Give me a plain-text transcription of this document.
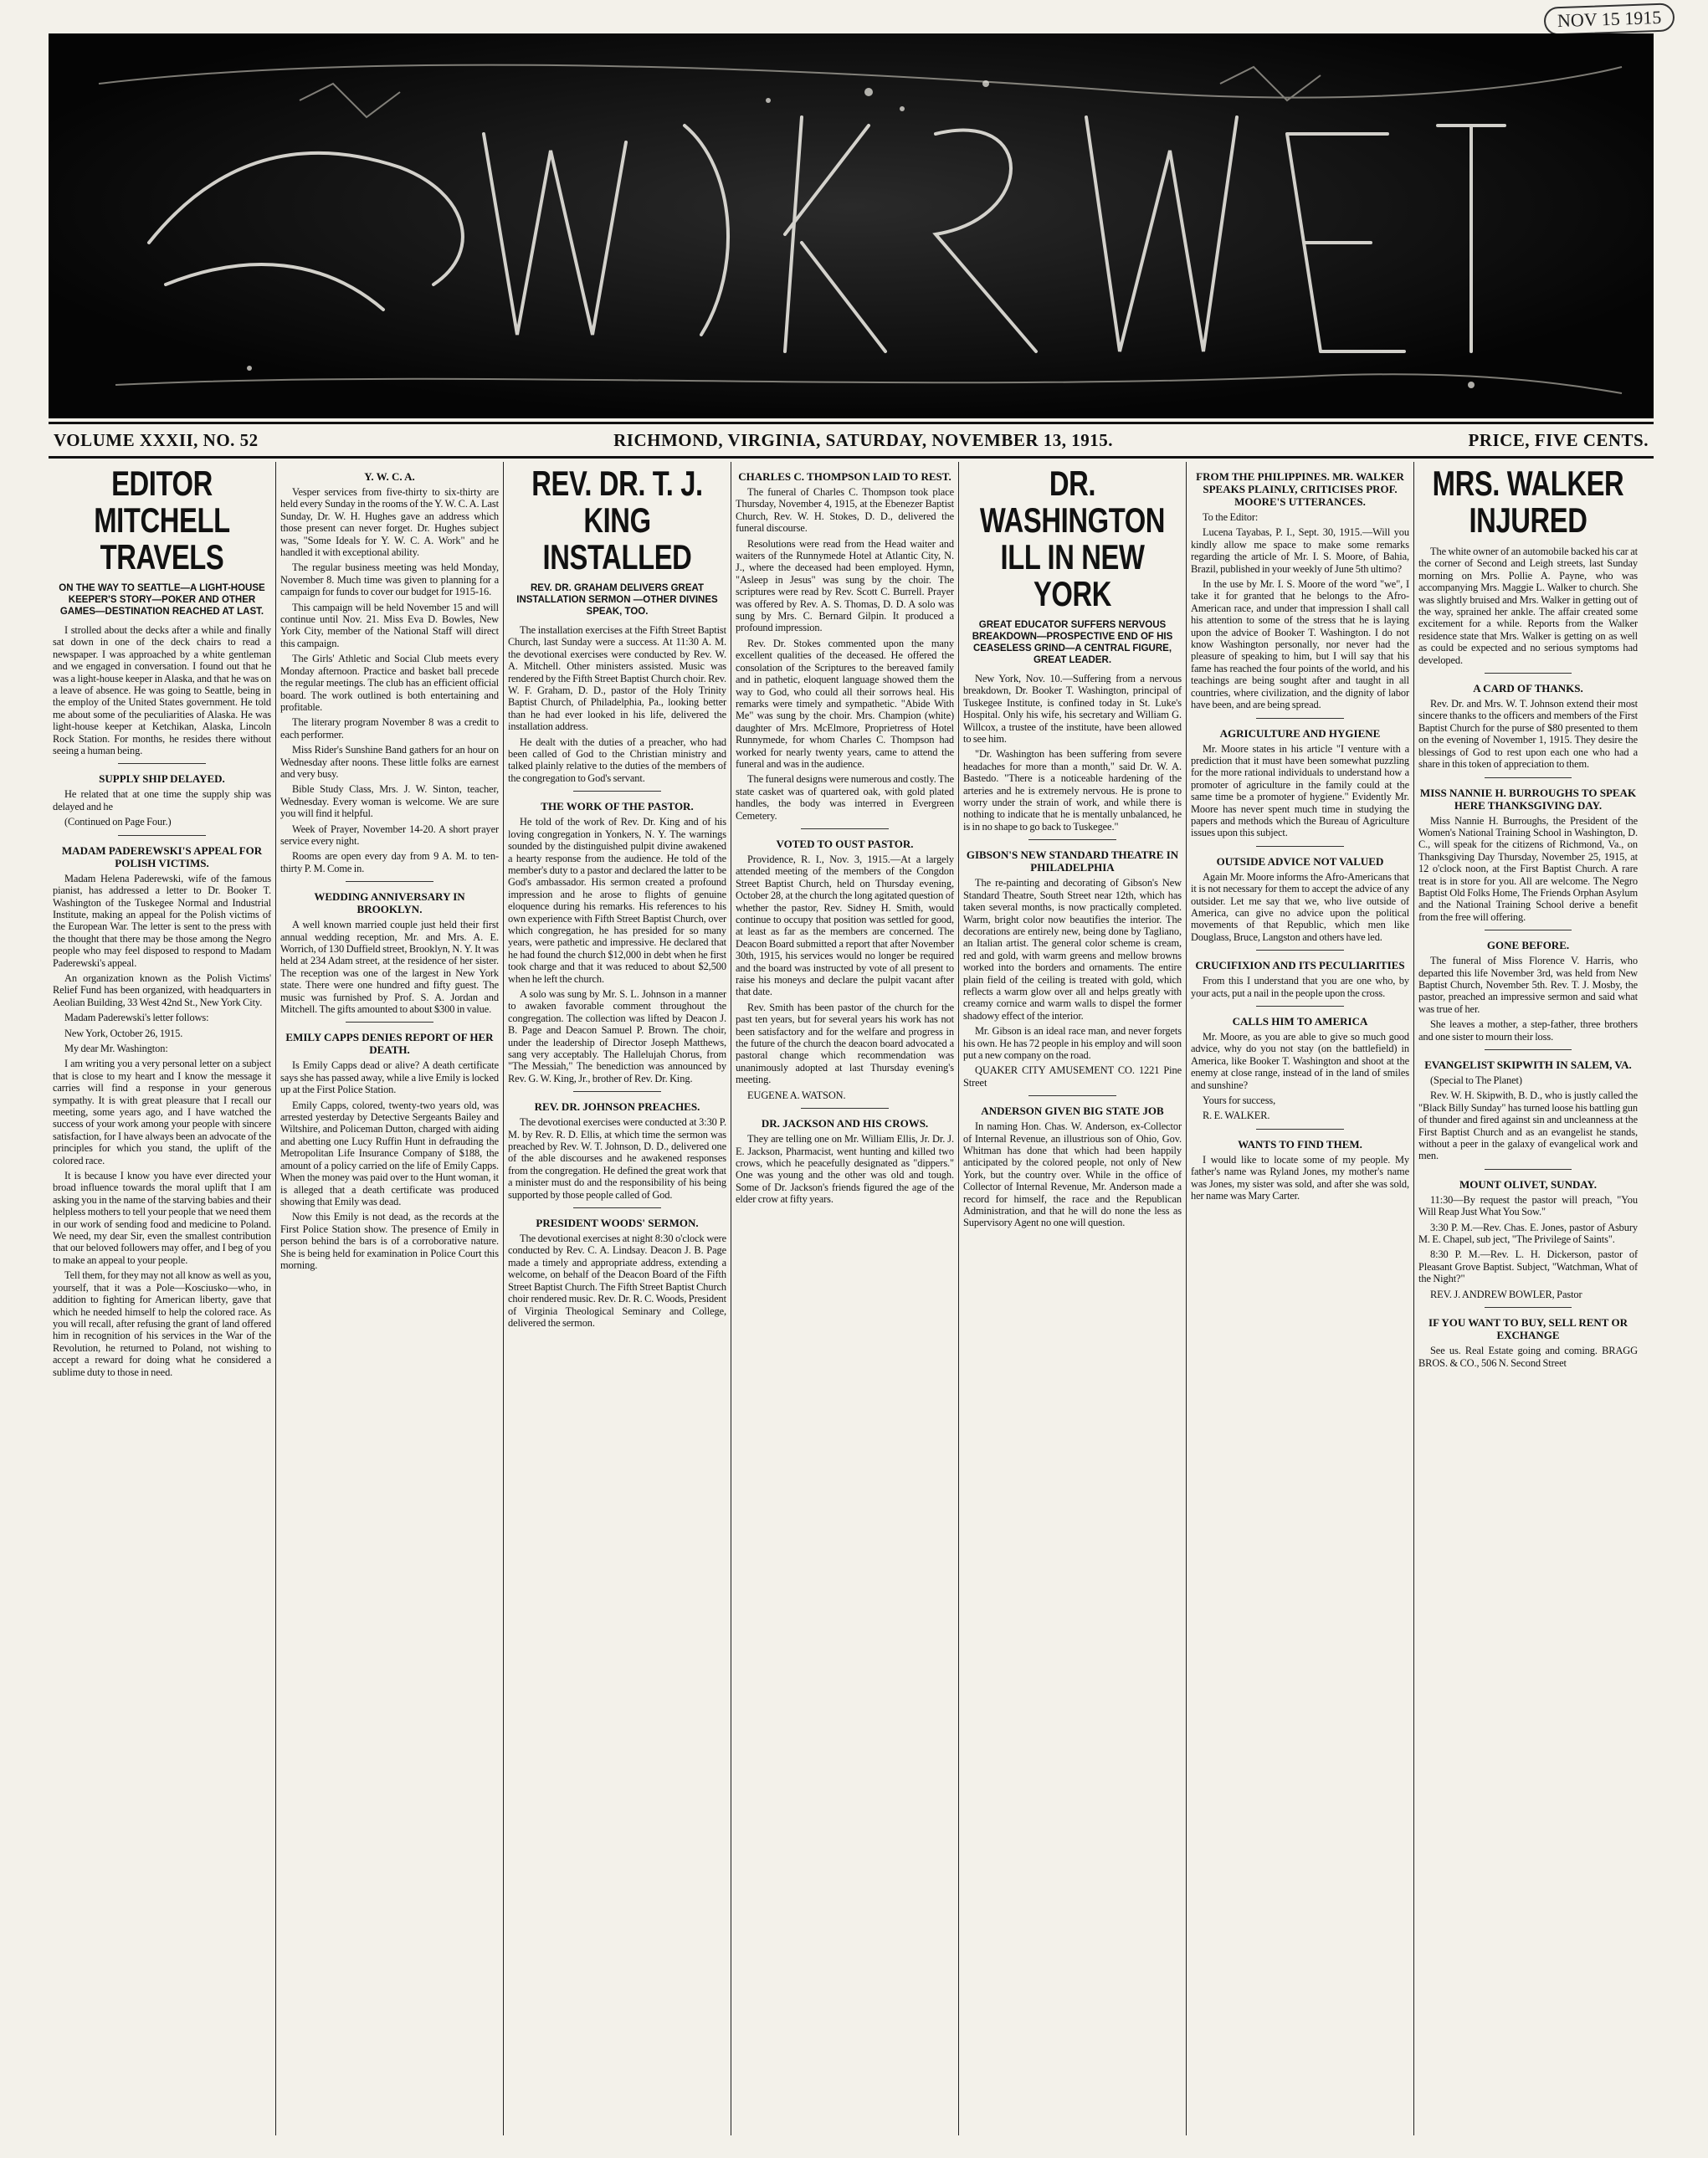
NOV 15 1915
VOLUME XXXII, NO. 52	RICHMOND, VIRGINIA, SATURDAY, NOVEMBER 13, 1915.	PRICE, FIVE CENTS.
EDITOR MITCHELL TRAVELS
ON THE WAY TO SEATTLE—A LIGHT-HOUSE KEEPER'S STORY—POKER AND OTHER GAMES—DESTINATION REACHED AT LAST.

I strolled about the decks after a while and finally sat down in one of the deck chairs to read a newspaper. I was approached by a white gentleman and we engaged in conversation. I found out that he was a light-house keeper in Alaska, and that he was on a leave of absence. He was going to Seattle, being in the employ of the United States government. He told me about some of the peculiarities of Alaska. He was light-house keeper at Ketchikan, Alaska, Lincoln Rock Station. For months, he resides there without seeing a human being.

SUPPLY SHIP DELAYED.

He related that at one time the supply ship was delayed and he

(Continued on Page Four.)

MADAM PADEREWSKI'S APPEAL FOR POLISH VICTIMS.

Madam Helena Paderewski, wife of the famous pianist, has addressed a letter to Dr. Booker T. Washington of the Tuskegee Normal and Industrial Institute, making an appeal for the Polish victims of the European War. The letter is sent to the press with the thought that there may be those among the Negro people who may feel disposed to respond to Madam Paderewski's appeal.

An organization known as the Polish Victims' Relief Fund has been organized, with headquarters in Aeolian Building, 33 West 42nd St., New York City.

Madam Paderewski's letter follows:

New York, October 26, 1915.

My dear Mr. Washington:

I am writing you a very personal letter on a subject that is close to my heart and I know the message it carries will find a response in your generous sympathy. It is with great pleasure that I recall our meeting, some years ago, and I have watched the success of your work among your people with sincere satisfaction, for I have always been an advocate of the principles for which you stand, the uplift of the colored race.

It is because I know you have ever directed your broad influence towards the moral uplift that I am asking you in the name of the starving babies and their helpless mothers to tell your people that we need them in our work of sending food and medicine to Poland. We need, my dear Sir, even the smallest contribution that our beloved followers may offer, and I beg of you to make an appeal to your people.

Tell them, for they may not all know as well as you, yourself, that it was a Pole—Kosciusko—who, in addition to fighting for American liberty, gave that which he needed himself to help the colored race. As you will recall, after refusing the grant of land offered him in recognition of his services in the War of the Revolution, he returned to Poland, not wishing to accept a reward for doing what he considered a sublime duty to those in need.

Y. W. C. A.

Vesper services from five-thirty to six-thirty are held every Sunday in the rooms of the Y. W. C. A. Last Sunday, Dr. W. H. Hughes gave an address which those present can never forget. Dr. Hughes subject was, "Some Ideals for Y. W. C. A. Work" and he handled it with exceptional ability.

The regular business meeting was held Monday, November 8. Much time was given to planning for a campaign for funds to cover our budget for 1915-16.

This campaign will be held November 15 and will continue until Nov. 21. Miss Eva D. Bowles, New York City, member of the National Staff will direct this campaign.

The Girls' Athletic and Social Club meets every Monday afternoon. Practice and basket ball precede the regular meetings. The club has an efficient official board. The work outlined is both entertaining and profitable.

The literary program November 8 was a credit to each performer.

Miss Rider's Sunshine Band gathers for an hour on Wednesday after noons. These little folks are earnest and very busy.

Bible Study Class, Mrs. J. W. Sinton, teacher, Wednesday. Every woman is welcome. We are sure you will find it helpful.

Week of Prayer, November 14-20. A short prayer service every night.

Rooms are open every day from 9 A. M. to ten-thirty P. M. Come in.

WEDDING ANNIVERSARY IN BROOKLYN.

A well known married couple just held their first annual wedding reception, Mr. and Mrs. A. E. Worrich, of 130 Duffield street, Brooklyn, N. Y. It was held at 234 Adam street, at the residence of her sister. The reception was one of the largest in New York state. There were one hundred and fifty guest. The music was furnished by Prof. S. A. Jordan and Mitchell. The gifts amounted to about $300 in value.

EMILY CAPPS DENIES REPORT OF HER DEATH.

Is Emily Capps dead or alive? A death certificate says she has passed away, while a live Emily is locked up at the First Police Station.

Emily Capps, colored, twenty-two years old, was arrested yesterday by Detective Sergeants Bailey and Wiltshire, and Policeman Dutton, charged with aiding and abetting one Lucy Ruffin Hunt in defrauding the Metropolitan Life Insurance Company of $188, the amount of a policy carried on the life of Emily Capps. When the money was paid over to the Hunt woman, it is alleged that a death certificate was produced showing that Emily was dead.

Now this Emily is not dead, as the records at the First Police Station show. The presence of Emily in person behind the bars is of a corroborative nature. She is being held for examination in Police Court this morning.

REV. DR. T. J. KING INSTALLED
REV. DR. GRAHAM DELIVERS GREAT INSTALLATION SERMON —OTHER DIVINES SPEAK, TOO.

The installation exercises at the Fifth Street Baptist Church, last Sunday were a success. At 11:30 A. M. the devotional exercises were conducted by Rev. W. A. Mitchell. Other ministers assisted. Music was rendered by the Fifth Street Baptist Church choir. Rev. W. F. Graham, D. D., pastor of the Holy Trinity Baptist Church, of Philadelphia, Pa., looking better than he had ever looked in his life, delivered the installation address.

He dealt with the duties of a preacher, who had been called of God to the Christian ministry and talked plainly relative to the duties of the members of the congregation to God's servant.

THE WORK OF THE PASTOR.

He told of the work of Rev. Dr. King and of his loving congregation in Yonkers, N. Y. The warnings sounded by the distinguished pulpit divine awakened a hearty response from the audience. He told of the member's duty to a pastor and declared the latter to be God's ambassador. His sermon created a profound impression and he arose to flights of genuine eloquence during his remarks. His references to his own experience with Fifth Street Baptist Church, over which congregation, he has presided for so many years, were pathetic and impressive. He declared that he had found the church $12,000 in debt when he first took charge and that it was reduced to about $2,500 when he left the church.

A solo was sung by Mr. S. L. Johnson in a manner to awaken favorable comment throughout the congregation. The collection was lifted by Deacon J. B. Page and Deacon Samuel P. Brown. The choir, under the leadership of Director Joseph Matthews, sang very acceptably. The Hallelujah Chorus, from "The Messiah," The benediction was announced by Rev. G. W. King, Jr., brother of Rev. Dr. King.

REV. DR. JOHNSON PREACHES.

The devotional exercises were conducted at 3:30 P. M. by Rev. R. D. Ellis, at which time the sermon was preached by Rev. W. T. Johnson, D. D., delivered one of the able discourses and he awakened responses from the congregation. He defined the great work that a minister must do and the responsibility of his being supported by those people called of God.

PRESIDENT WOODS' SERMON.

The devotional exercises at night 8:30 o'clock were conducted by Rev. C. A. Lindsay. Deacon J. B. Page made a timely and appropriate address, extending a welcome, on behalf of the Deacon Board of the Fifth Street Baptist Church. The Fifth Street Baptist Church choir rendered music. Rev. Dr. R. C. Woods, President of Virginia Theological Seminary and College, delivered the sermon.

CHARLES C. THOMPSON LAID TO REST.

The funeral of Charles C. Thompson took place Thursday, November 4, 1915, at the Ebenezer Baptist Church, Rev. W. H. Stokes, D. D., delivered the funeral discourse.

Resolutions were read from the Head waiter and waiters of the Runnymede Hotel at Atlantic City, N. J., where the deceased had been employed. Hymn, "Asleep in Jesus" was sung by the choir. The scriptures were read by Rev. Scott C. Burrell. Prayer was offered by Rev. A. S. Thomas, D. D. A solo was sung by Mrs. C. Bernard Gilpin. It produced a profound impression.

Rev. Dr. Stokes commented upon the many excellent qualities of the deceased. He offered the consolation of the Scriptures to the bereaved family and in pathetic, eloquent language showed them the way to God, who could all their sorrows heal. His remarks were timely and sympathetic. "Abide With Me" was sung by the choir. Mrs. Champion (white) daughter of Mrs. McElmore, Proprietress of Hotel Runnymede, for whom Charles C. Thompson had worked for nearly twenty years, came to attend the funeral and was in the audience.

The funeral designs were numerous and costly. The state casket was of quartered oak, with gold plated handles, the body was interred in Evergreen Cemetery.

VOTED TO OUST PASTOR.

Providence, R. I., Nov. 3, 1915.—At a largely attended meeting of the members of the Congdon Street Baptist Church, held on Thursday evening, October 28, at the church the long agitated question of whether the pastor, Rev. Sidney H. Smith, would continue to occupy that position was settled for good, at least as far as the members are concerned. The Deacon Board submitted a report that after November 30th, 1915, his services would no longer be required and the board was instructed by vote of all present to raise his moneys and declare the pulpit vacant after that date.

Rev. Smith has been pastor of the church for the past ten years, but for several years his work has not been satisfactory and for the welfare and progress in the future of the church the deacon board advocated a pastoral change which recommendation was unanimously adopted at last Thursday evening's meeting.

EUGENE A. WATSON.

DR. JACKSON AND HIS CROWS.

They are telling one on Mr. William Ellis, Jr. Dr. J. E. Jackson, Pharmacist, went hunting and killed two crows, which he peacefully designated as "dippers." One was young and the other was old and tough. Some of Dr. Jackson's friends figured the age of the elder crow at fifty years.

DR. WASHINGTON ILL IN NEW YORK
GREAT EDUCATOR SUFFERS NERVOUS BREAKDOWN—PROSPECTIVE END OF HIS CEASELESS GRIND—A CENTRAL FIGURE, GREAT LEADER.

New York, Nov. 10.—Suffering from a nervous breakdown, Dr. Booker T. Washington, principal of Tuskegee Institute, is confined today in St. Luke's Hospital. Only his wife, his secretary and William G. Willcox, a trustee of the institute, have been allowed to see him.

"Dr. Washington has been suffering from severe headaches for more than a month," said Dr. W. A. Bastedo. "There is a noticeable hardening of the arteries and he is extremely nervous. He is prone to worry under the strain of work, and while there is nothing to indicate that he is mentally unbalanced, he is in no shape to go back to Tuskegee."

GIBSON'S NEW STANDARD THEATRE IN PHILADELPHIA

The re-painting and decorating of Gibson's New Standard Theatre, South Street near 12th, which has taken several months, is now practically completed. Warm, bright color now beautifies the interior. The decorations are entirely new, being done by Tagliano, an Italian artist. The general color scheme is cream, red and gold, with warm greens and mellow browns worked into the borders and ornaments. The entire plain field of the ceiling is treated with gold, which reflects a warm glow over all and helps greatly with creamy cornice and warm walls to dispel the former shadowy effect of the interior.

Mr. Gibson is an ideal race man, and never forgets his own. He has 72 people in his employ and will soon put a new company on the road.

QUAKER CITY AMUSEMENT CO. 1221 Pine Street

ANDERSON GIVEN BIG STATE JOB

In naming Hon. Chas. W. Anderson, ex-Collector of Internal Revenue, an illustrious son of Ohio, Gov. Whitman has done that which had been happily anticipated by the colored people, not only of New York, but the country over. While in the office of Collector of Internal Revenue, Mr. Anderson made a record for himself, the race and the Republican Administration, and that he will do none the less as Supervisory Agent no one will question.

FROM THE PHILIPPINES. MR. WALKER SPEAKS PLAINLY, CRITICISES PROF. MOORE'S UTTERANCES.

To the Editor:

Lucena Tayabas, P. I., Sept. 30, 1915.—Will you kindly allow me space to make some remarks regarding the article of Mr. I. S. Moore, of Bahia, Brazil, published in your weekly of June 5th ultimo?

In the use by Mr. I. S. Moore of the word "we", I take it for granted that he belongs to the Afro-American race, and under that impression I shall call his attention to some of the stress that he is laying upon the advice of Booker T. Washington. I do not know Washington personally, nor never had the pleasure of speaking to him, but I will say that his fame has reached the four points of the world, and his teachings are being sought after and taught in all countries, where civilization, and the dignity of labor have been, and are being spread.

AGRICULTURE AND HYGIENE

Mr. Moore states in his article "I venture with a prediction that it must have been somewhat puzzling for the more rational individuals to understand how a promoter of agriculture in the family could at the same time be a promoter of hygiene." Evidently Mr. Moore has never spent much time in studying the papers and methods which the Bureau of Agriculture issues upon this subject.

OUTSIDE ADVICE NOT VALUED

Again Mr. Moore informs the Afro-Americans that it is not necessary for them to accept the advice of any outsider. Let me say that we, who live outside of America, can give no advice upon the political movements of that Republic, which men like Douglass, Bruce, Langston and others have led.

CRUCIFIXION AND ITS PECULIARITIES

From this I understand that you are one who, by your acts, put a nail in the people upon the cross.

CALLS HIM TO AMERICA

Mr. Moore, as you are able to give so much good advice, why do you not stay (on the battlefield) in America, like Booker T. Washington and shoot at the enemy at close range, instead of in the land of smiles and sunshine?

Yours for success,

R. E. WALKER.

WANTS TO FIND THEM.

I would like to locate some of my people. My father's name was Ryland Jones, my mother's name was Jones, my sister was sold, and after she was sold, her name was Mary Carter.

MRS. WALKER INJURED

The white owner of an automobile backed his car at the corner of Second and Leigh streets, last Sunday morning on Mrs. Pollie A. Payne, who was accompanying Mrs. Maggie L. Walker to church. She was slightly bruised and Mrs. Walker in getting out of the way, sprained her ankle. The affair created some excitement for a while. Reports from the Walker residence state that Mrs. Walker is getting on as well as could be expected and no serious symptoms had developed.

A CARD OF THANKS.

Rev. Dr. and Mrs. W. T. Johnson extend their most sincere thanks to the officers and members of the First Baptist Church for the purse of $80 presented to them on the evening of November 1, 1915. They desire the blessings of God to rest upon each one who had a share in this token of appreciation to them.

MISS NANNIE H. BURROUGHS TO SPEAK HERE THANKSGIVING DAY.

Miss Nannie H. Burroughs, the President of the Women's National Training School in Washington, D. C., will speak for the citizens of Richmond, Va., on Thanksgiving Day Thursday, November 25, 1915, at 12 o'clock noon, at the First Baptist Church. A rare treat is in store for you. All are welcome. The Negro Baptist Old Folks Home, The Friends Orphan Asylum and the National Training School derive a benefit from the free will offering.

GONE BEFORE.

The funeral of Miss Florence V. Harris, who departed this life November 3rd, was held from New Baptist Church, November 5th. Rev. T. J. Mosby, the pastor, preached an impressive sermon and said what was true of her.

She leaves a mother, a step-father, three brothers and one sister to mourn their loss.

EVANGELIST SKIPWITH IN SALEM, VA.

(Special to The Planet)

Rev. W. H. Skipwith, B. D., who is justly called the "Black Billy Sunday" has turned loose his battling gun of thunder and fired against sin and uncleanness at the First Baptist Church and as an evangelist he stands, without a peer in the galaxy of evangelical work and men.

MOUNT OLIVET, SUNDAY.

11:30—By request the pastor will preach, "You Will Reap Just What You Sow."

3:30 P. M.—Rev. Chas. E. Jones, pastor of Asbury M. E. Chapel, sub ject, "The Privilege of Saints".

8:30 P. M.—Rev. L. H. Dickerson, pastor of Pleasant Grove Baptist. Subject, "Watchman, What of the Night?"

REV. J. ANDREW BOWLER, Pastor

IF YOU WANT TO BUY, SELL RENT OR EXCHANGE

See us. Real Estate going and coming. BRAGG BROS. & CO., 506 N. Second Street
